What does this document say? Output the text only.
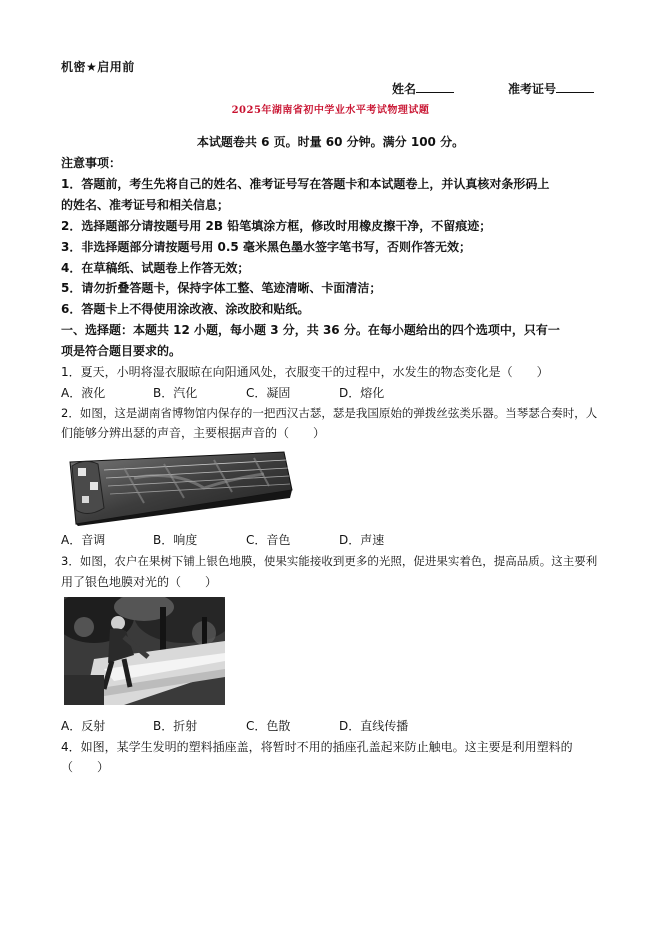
机密★启用前
姓名	准考证号
2025年湖南省初中学业水平考试物理试题
本试题卷共 6 页。时量 60 分钟。满分 100 分。
注意事项：
1．答题前，考生先将自己的姓名、准考证号写在答题卡和本试题卷上，并认真核对条形码上
的姓名、准考证号和相关信息；
2．选择题部分请按题号用 2B 铅笔填涂方框，修改时用橡皮擦干净，不留痕迹；
3．非选择题部分请按题号用 0.5 毫米黑色墨水签字笔书写，否则作答无效；
4．在草稿纸、试题卷上作答无效；
5．请勿折叠答题卡，保持字体工整、笔迹清晰、卡面清洁；
6．答题卡上不得使用涂改液、涂改胶和贴纸。
一、选择题：本题共 12 小题，每小题 3 分，共 36 分。在每小题给出的四个选项中，只有一
项是符合题目要求的。
1．夏天，小明将湿衣服晾在向阳通风处，衣服变干的过程中，水发生的物态变化是（　　）
A．液化	B．汽化	C．凝固	D．熔化
2．如图，这是湖南省博物馆内保存的一把西汉古瑟，瑟是我国原始的弹拨丝弦类乐器。当琴瑟合奏时，人
们能够分辨出瑟的声音，主要根据声音的（　　）
A．音调	B．响度	C．音色	D．声速
3．如图，农户在果树下铺上银色地膜，使果实能接收到更多的光照，促进果实着色，提高品质。这主要利
用了银色地膜对光的（　　）
A．反射	B．折射	C．色散	D．直线传播
4．如图，某学生发明的塑料插座盖，将暂时不用的插座孔盖起来防止触电。这主要是利用塑料的
（　　）
